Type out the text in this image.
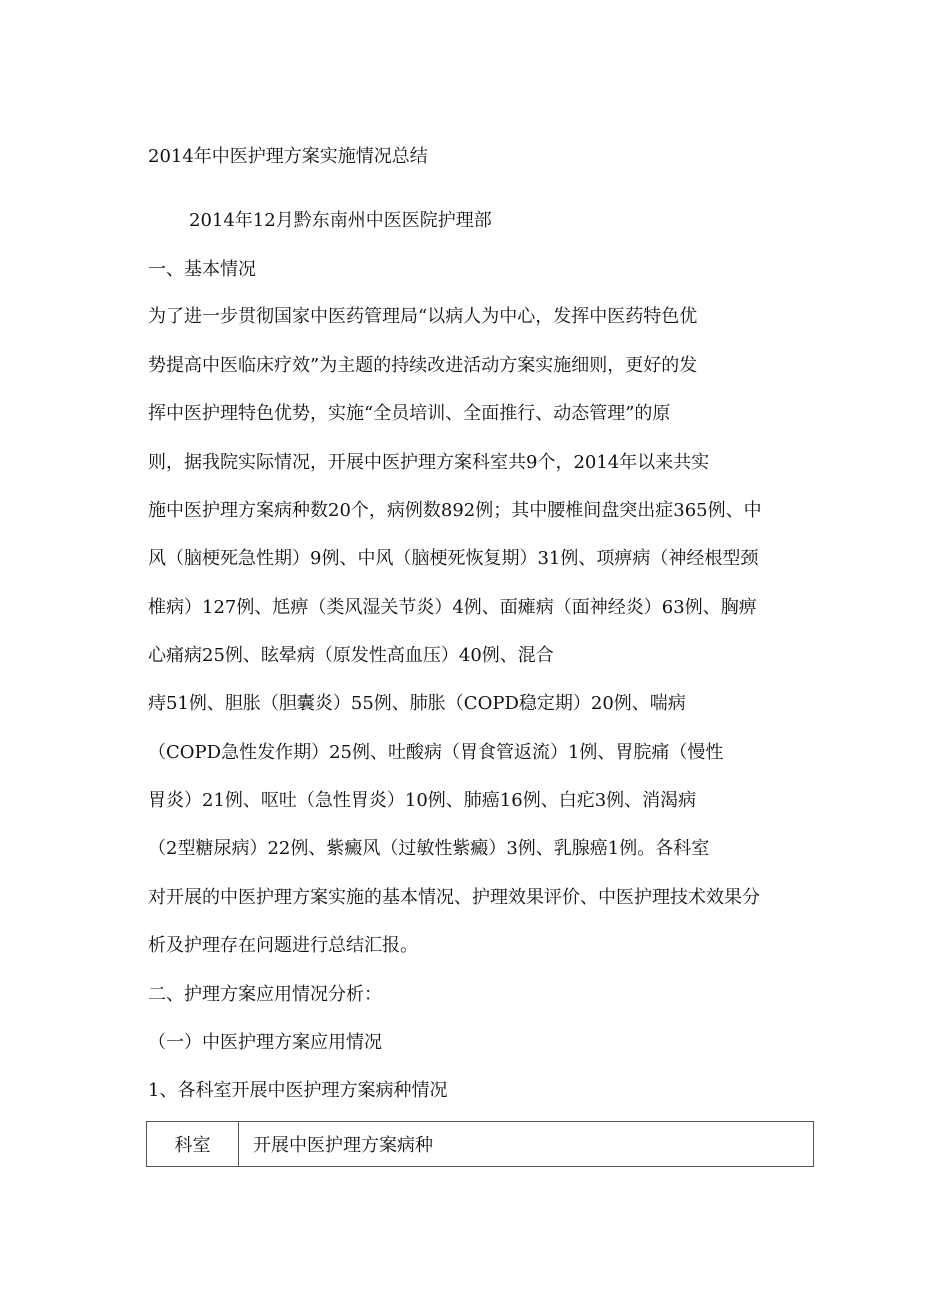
2014年中医护理方案实施情况总结
2014年12月黔东南州中医医院护理部
一、基本情况
为了进一步贯彻国家中医药管理局“以病人为中心，发挥中医药特色优
势提高中医临床疗效”为主题的持续改进活动方案实施细则，更好的发
挥中医护理特色优势，实施“全员培训、全面推行、动态管理”的原
则，据我院实际情况，开展中医护理方案科室共9个，2014年以来共实
施中医护理方案病种数20个，病例数892例；其中腰椎间盘突出症365例、中
风（脑梗死急性期）9例、中风（脑梗死恢复期）31例、项痹病（神经根型颈
椎病）127例、尪痹（类风湿关节炎）4例、面瘫病（面神经炎）63例、胸痹
心痛病25例、眩晕病（原发性高血压）40例、混合
痔51例、胆胀（胆囊炎）55例、肺胀（COPD稳定期）20例、喘病
（COPD急性发作期）25例、吐酸病（胃食管返流）1例、胃脘痛（慢性
胃炎）21例、呕吐（急性胃炎）10例、肺癌16例、白疕3例、消渴病
（2型糖尿病）22例、紫癜风（过敏性紫癜）3例、乳腺癌1例。各科室
对开展的中医护理方案实施的基本情况、护理效果评价、中医护理技术效果分
析及护理存在问题进行总结汇报。
二、护理方案应用情况分析：
（一）中医护理方案应用情况
1、各科室开展中医护理方案病种情况
科室	开展中医护理方案病种
